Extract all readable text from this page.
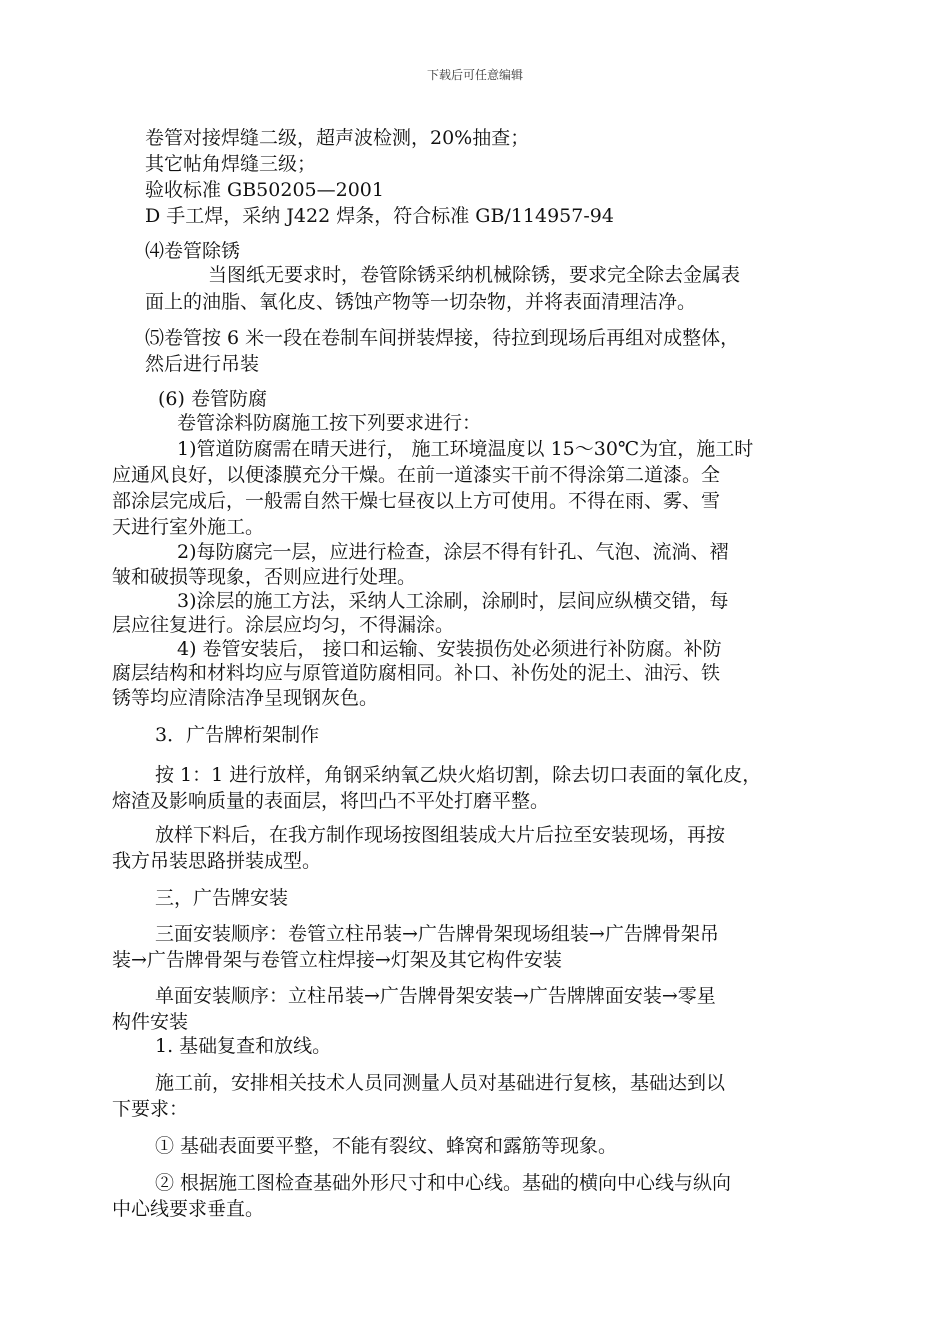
下载后可任意编辑
卷管对接焊缝二级，超声波检测，20%抽查；
其它帖角焊缝三级；
验收标准 GB50205—2001
D 手工焊，采纳 J422 焊条，符合标准 GB/114957-94
⑷卷管除锈
当图纸无要求时，卷管除锈采纳机械除锈，要求完全除去金属表
面上的油脂、氧化皮、锈蚀产物等一切杂物，并将表面清理洁净。
⑸卷管按 6 米一段在卷制车间拼装焊接，待拉到现场后再组对成整体，
然后进行吊装
(6) 卷管防腐
卷管涂料防腐施工按下列要求进行：
1)管道防腐需在晴天进行， 施工环境温度以 15～30℃为宜，施工时
应通风良好，以便漆膜充分干燥。在前一道漆实干前不得涂第二道漆。全
部涂层完成后，一般需自然干燥七昼夜以上方可使用。不得在雨、雾、雪
天进行室外施工。
2)每防腐完一层，应进行检查，涂层不得有针孔、气泡、流淌、褶
皱和破损等现象，否则应进行处理。
3)涂层的施工方法，采纳人工涂刷，涂刷时，层间应纵横交错，每
层应往复进行。涂层应均匀，不得漏涂。
4) 卷管安装后， 接口和运输、安装损伤处必须进行补防腐。补防
腐层结构和材料均应与原管道防腐相同。补口、补伤处的泥土、油污、铁
锈等均应清除洁净呈现钢灰色。
3．广告牌桁架制作
按 1：1 进行放样，角钢采纳氧乙炔火焰切割，除去切口表面的氧化皮，
熔渣及影响质量的表面层，将凹凸不平处打磨平整。
放样下料后，在我方制作现场按图组装成大片后拉至安装现场，再按
我方吊装思路拼装成型。
三，广告牌安装
三面安装顺序：卷管立柱吊装→广告牌骨架现场组装→广告牌骨架吊
装→广告牌骨架与卷管立柱焊接→灯架及其它构件安装
单面安装顺序：立柱吊装→广告牌骨架安装→广告牌牌面安装→零星
构件安装
1. 基础复查和放线。
施工前，安排相关技术人员同测量人员对基础进行复核，基础达到以
下要求：
① 基础表面要平整，不能有裂纹、蜂窝和露筋等现象。
② 根据施工图检查基础外形尺寸和中心线。基础的横向中心线与纵向
中心线要求垂直。
